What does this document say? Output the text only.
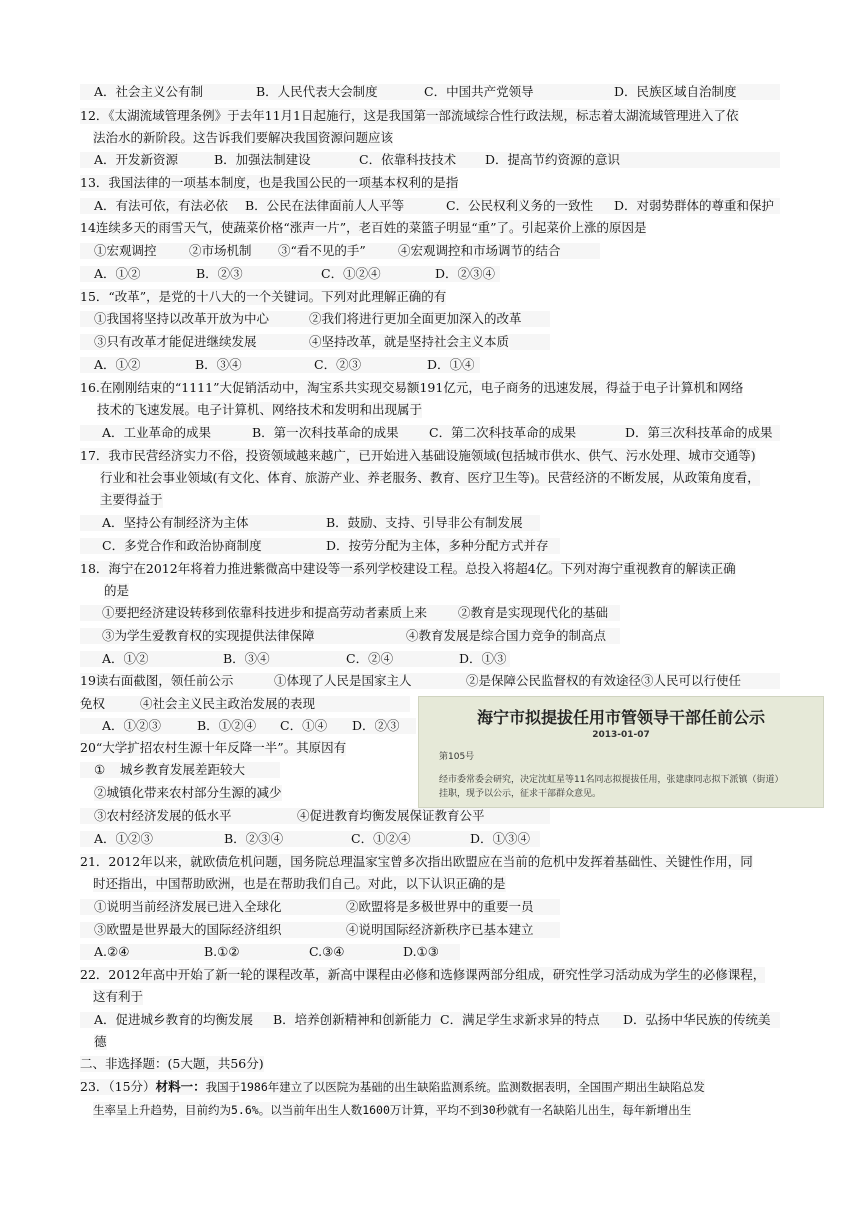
A．社会主义公有制	B．人民代表大会制度	C．中国共产党领导	D．民族区域自治制度
12．《太湖流域管理条例》于去年11月1日起施行，这是我国第一部流域综合性行政法规，标志着太湖流域管理进入了依
法治水的新阶段。这告诉我们要解决我国资源问题应该
A．开发新资源	B．加强法制建设	C．依靠科技技术 D．提高节约资源的意识
13．我国法律的一项基本制度，也是我国公民的一项基本权利的是指
A．有法可依，有法必依 B．公民在法律面前人人平等	C．公民权利义务的一致性 D．对弱势群体的尊重和保护
14连续多天的雨雪天气，使蔬菜价格“涨声一片”，老百姓的菜篮子明显“重”了。引起菜价上涨的原因是
①宏观调控	②市场机制 ③“看不见的手”	④宏观调控和市场调节的结合
A．①②	B．②③	C．①②④	D．②③④
15．“改革”，是党的十八大的一个关键词。下列对此理解正确的有
①我国将坚持以改革开放为中心	②我们将进行更加全面更加深入的改革
③只有改革才能促进继续发展	④坚持改革，就是坚持社会主义本质
A．①②	B．③④	C．②③	D．①④
16.在刚刚结束的“1111”大促销活动中，淘宝系共实现交易额191亿元，电子商务的迅速发展，得益于电子计算机和网络
技术的飞速发展。电子计算机、网络技术和发明和出现属于
A．工业革命的成果	B．第一次科技革命的成果 C．第二次科技革命的成果	D．第三次科技革命的成果
17．我市民营经济实力不俗，投资领域越来越广，已开始进入基础设施领域(包括城市供水、供气、污水处理、城市交通等)
行业和社会事业领域(有文化、体育、旅游产业、养老服务、教育、医疗卫生等)。民营经济的不断发展，从政策角度看，
主要得益于
A．坚持公有制经济为主体	B．鼓励、支持、引导非公有制发展
C．多党合作和政治协商制度	D．按劳分配为主体，多种分配方式并存
18．海宁在2012年将着力推进紫微高中建设等一系列学校建设工程。总投入将超4亿。下列对海宁重视教育的解读正确
的是
①要把经济建设转移到依靠科技进步和提高劳动者素质上来 ②教育是实现现代化的基础
③为学生爱教育权的实现提供法律保障	④教育发展是综合国力竞争的制高点
A．①②	B．③④	C．②④	D．①③
19读右面截图，领任前公示	①体现了人民是国家主人	②是保障公民监督权的有效途径③人民可以行使任
免权	④社会主义民主政治发展的表现
A．①②③	B．①②④ C．①④ D．②③	海宁市拟提拔任用市管领导干部任前公示
2013-01-07
第105号
经市委常委会研究，决定沈虹星等11名同志拟提拔任用，张建康同志拟下派镇（街道）
挂职，现予以公示，征求干部群众意见。
20“大学扩招农村生源十年反降一半”。其原因有
① 城乡教育发展差距较大
②城镇化带来农村部分生源的减少
③农村经济发展的低水平	④促进教育均衡发展保证教育公平
A．①②③	B．②③④	C．①②④	D．①③④
21．2012年以来，就欧债危机问题，国务院总理温家宝曾多次指出欧盟应在当前的危机中发挥着基础性、关键性作用，同
时还指出，中国帮助欧洲，也是在帮助我们自己。对此，以下认识正确的是
①说明当前经济发展已进入全球化	②欧盟将是多极世界中的重要一员
③欧盟是世界最大的国际经济组织	④说明国际经济新秩序已基本建立
A.②④	B.①②	C.③④	D.①③
22．2012年高中开始了新一轮的课程改革，新高中课程由必修和选修课两部分组成，研究性学习活动成为学生的必修课程，
这有利于
A．促进城乡教育的均衡发展 B．培养创新精神和创新能力 C．满足学生求新求异的特点 D．弘扬中华民族的传统美
德
二、非选择题：(5大题，共56分)
23．（15分）材料一：我国于1986年建立了以医院为基础的出生缺陷监测系统。监测数据表明，全国围产期出生缺陷总发
生率呈上升趋势，目前约为5.6%。以当前年出生人数1600万计算，平均不到30秒就有一名缺陷儿出生，每年新增出生
